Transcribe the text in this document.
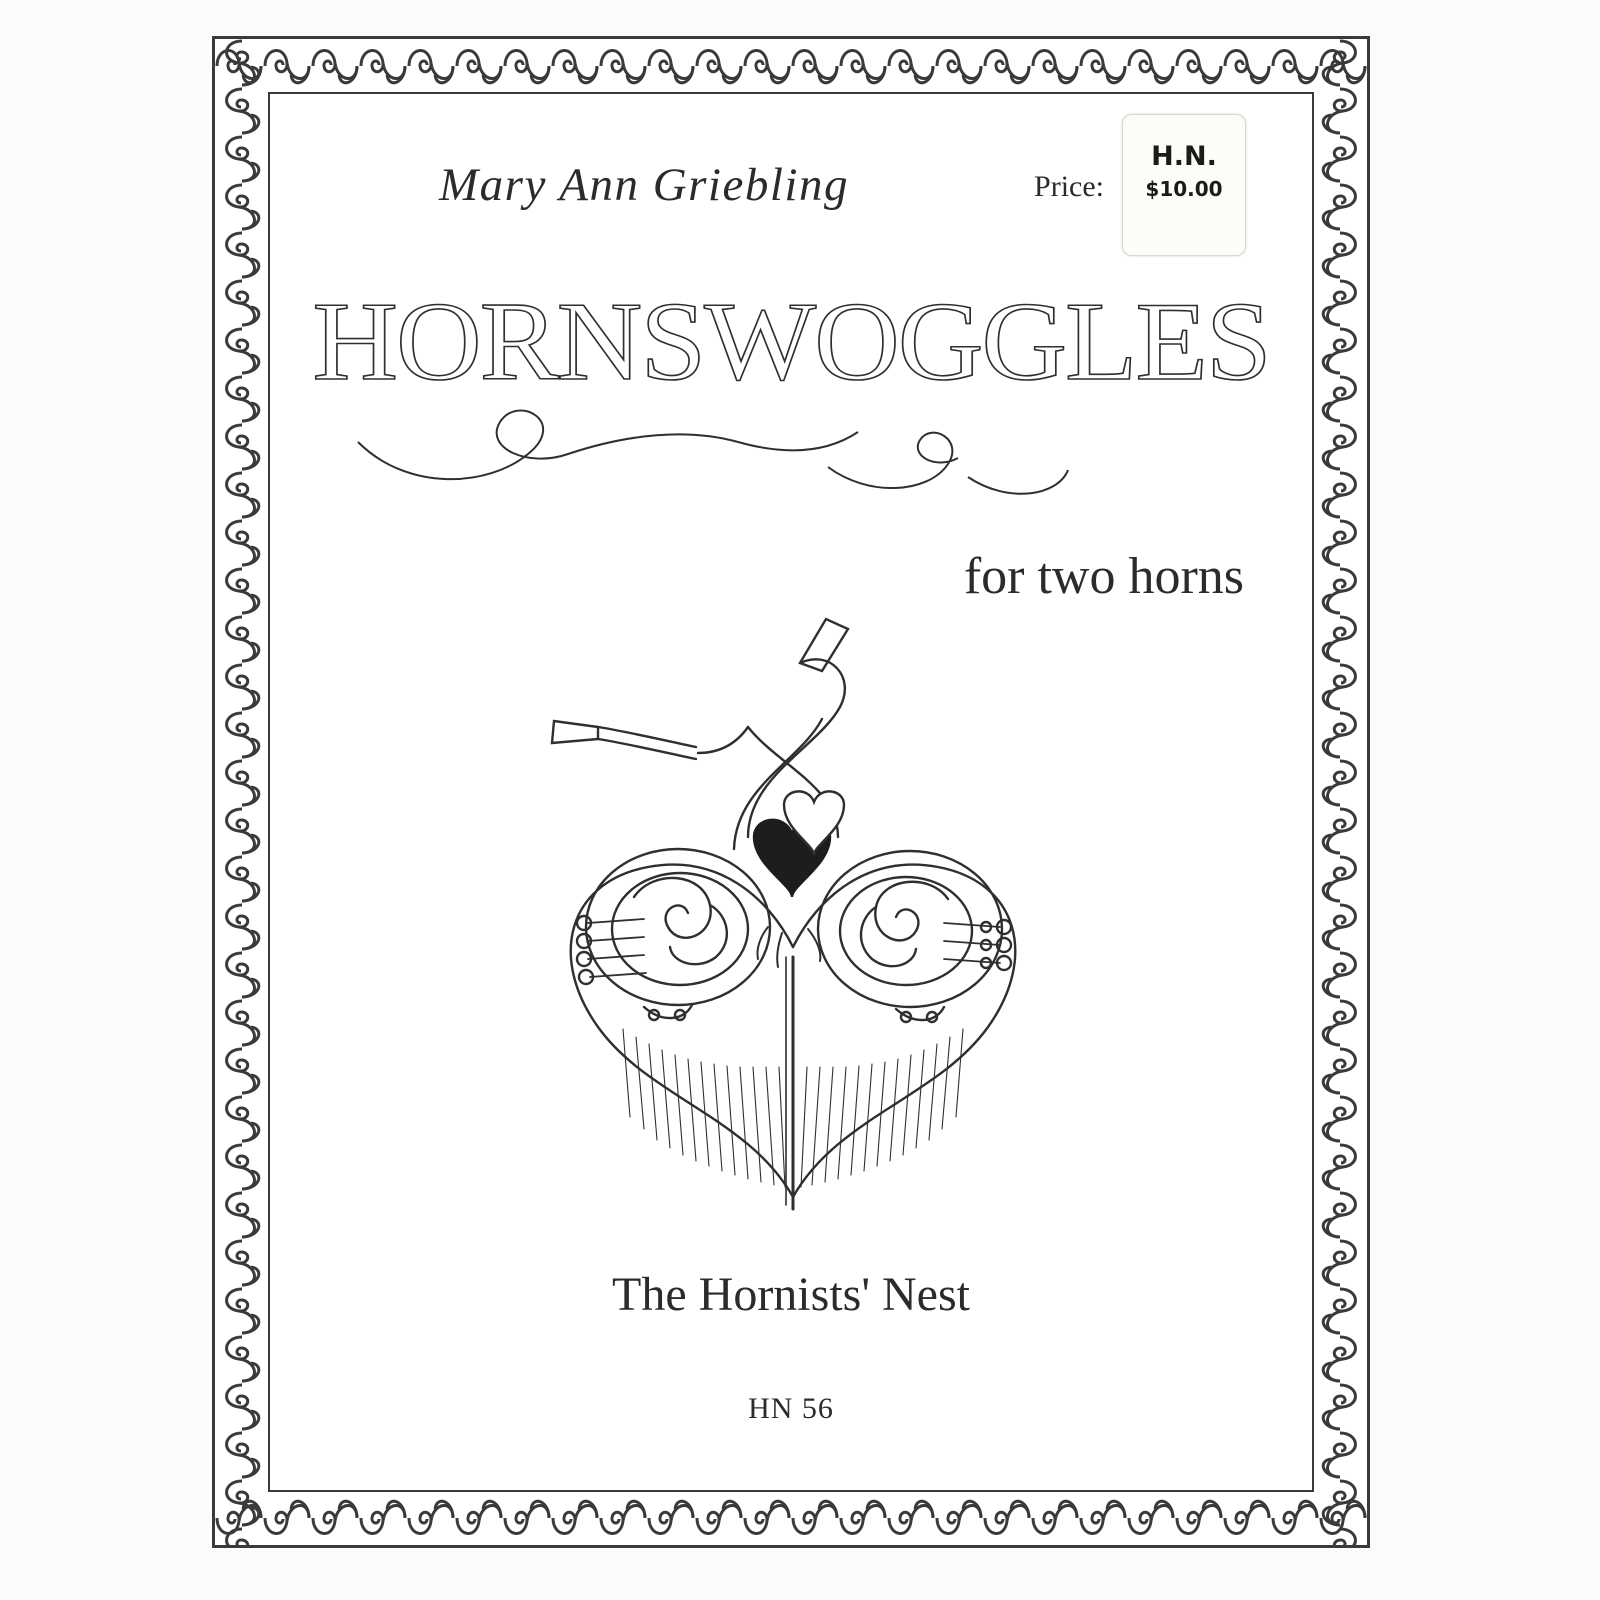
Mary Ann Griebling	Price:
H.N.
$10.00
HORNSWOGGLES
for two horns
The Hornists' Nest
HN 56
